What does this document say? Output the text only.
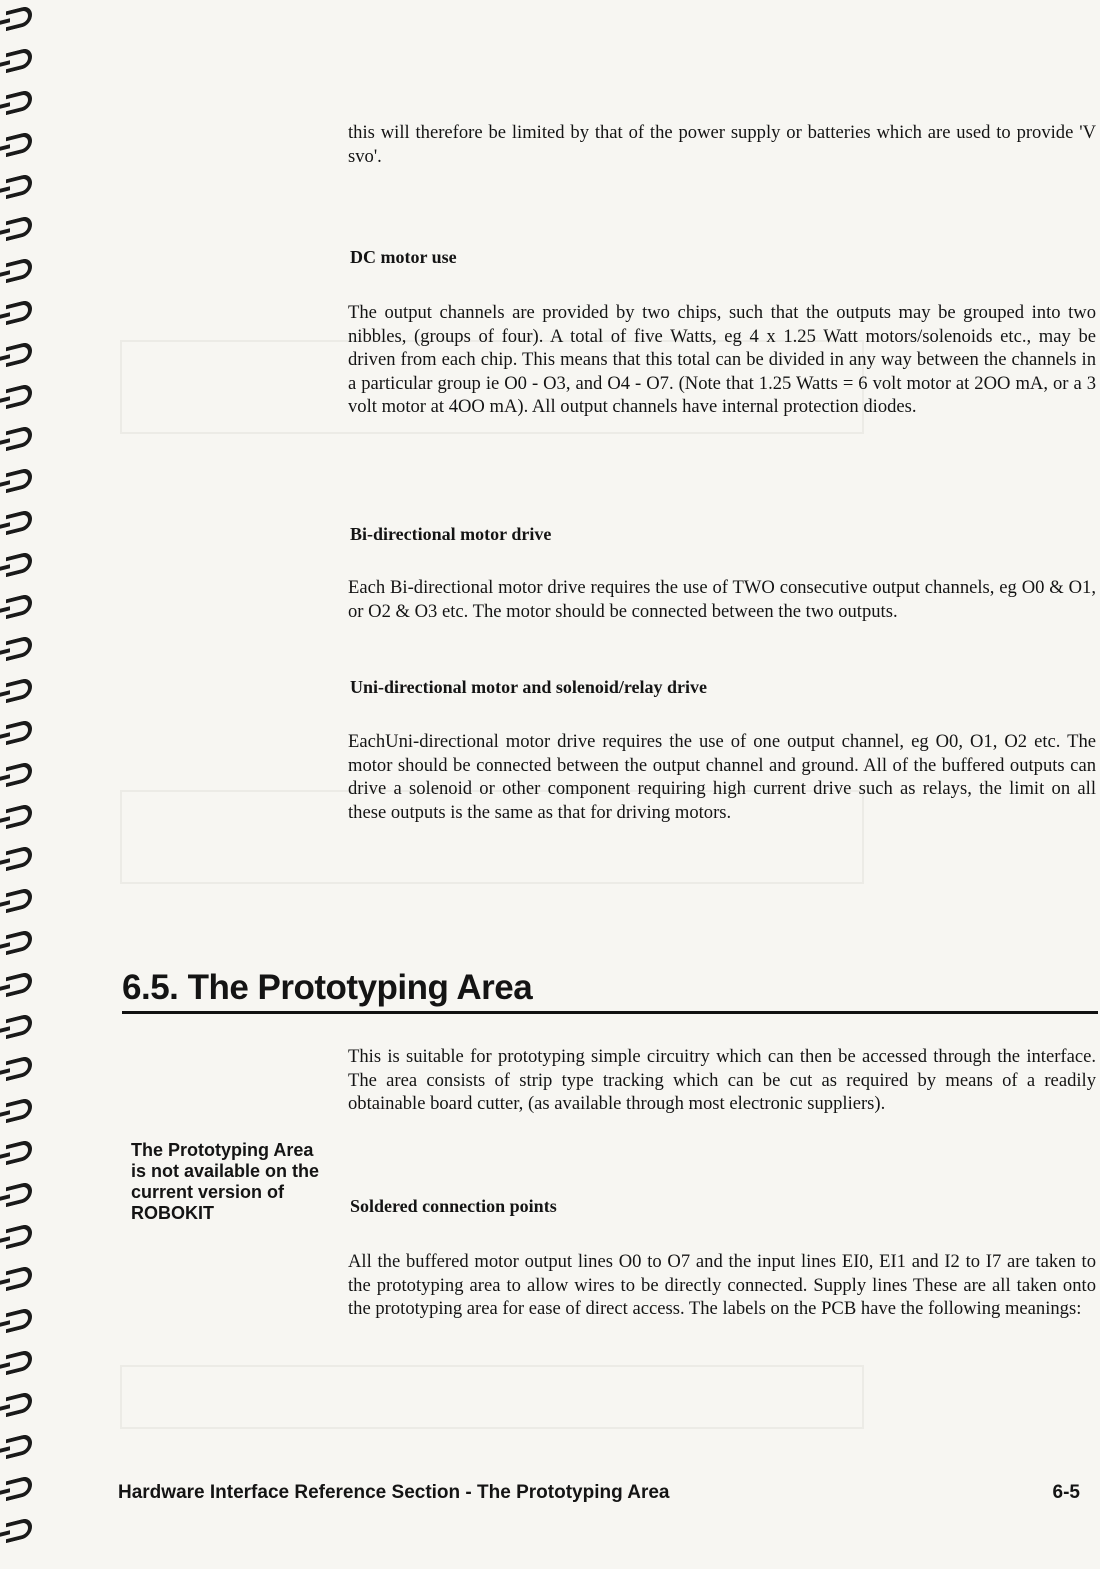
this will therefore be limited by that of the power supply or batteries which are used to provide 'V svo'.

DC motor use

The output channels are provided by two chips, such that the outputs may be grouped into two nibbles, (groups of four). A total of five Watts, eg 4 x 1.25 Watt motors/solenoids etc., may be driven from each chip. This means that this total can be divided in any way between the channels in a particular group ie O0 - O3, and O4 - O7. (Note that 1.25 Watts = 6 volt motor at 2OO mA, or a 3 volt motor at 4OO mA). All output channels have internal protection diodes.

Bi-directional motor drive

Each Bi-directional motor drive requires the use of TWO consecutive output channels, eg O0 & O1, or O2 & O3 etc. The motor should be connected between the two outputs.

Uni-directional motor and solenoid/relay drive

EachUni-directional motor drive requires the use of one output channel, eg O0, O1, O2 etc. The motor should be connected between the output channel and ground. All of the buffered outputs can drive a solenoid or other component requiring high current drive such as relays, the limit on all these outputs is the same as that for driving motors.

6.5. The Prototyping Area

This is suitable for prototyping simple circuitry which can then be accessed through the interface. The area consists of strip type tracking which can be cut as required by means of a readily obtainable board cutter, (as available through most electronic suppliers).

The Prototyping Area is not available on the current version of ROBOKIT	Soldered connection points

All the buffered motor output lines O0 to O7 and the input lines EI0, EI1 and I2 to I7 are taken to the prototyping area to allow wires to be directly connected. Supply lines These are all taken onto the prototyping area for ease of direct access. The labels on the PCB have the following meanings:

Hardware Interface Reference Section - The Prototyping Area	6-5
